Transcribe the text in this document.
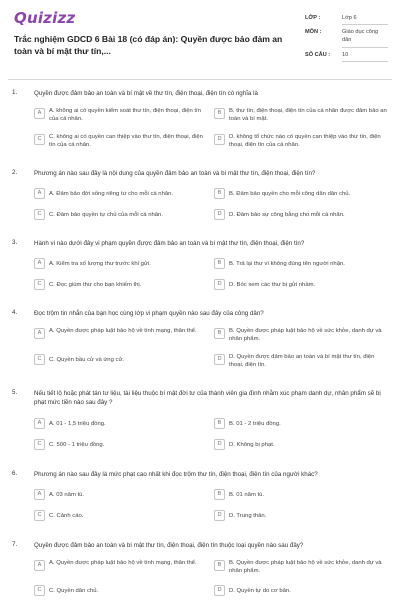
Quizizz
Trắc nghiệm GDCD 6 Bài 18 (có đáp án): Quyền được bảo đảm an toàn và bí mật thư tín,...
LỚP :	Lớp 6
MÔN :	Giáo dục công dân
SỐ CÂU : 10
1.	Quyền được đảm bảo an toàn và bí mật về thư tín, điện thoại, điện tín có nghĩa là
A	A. không ai có quyền kiểm soát thư tín, điện thoại, điện tín của cá nhân.
B	B. thư tín, điện thoại, điện tín của cá nhân được đảm bảo an toàn và bí mật.
C	C. không ai có quyền can thiệp vào thư tín, điện thoại, điện tín của cá nhân.
D	D. không tổ chức nào có quyền can thiệp vào thư tín, điện thoại, điện tín của cá nhân.
2.	Phương án nào sau đây là nội dung của quyền đảm bảo an toàn và bí mật thư tín, điện thoại, điện tín?
A	A. Đảm bảo đời sống riêng tư cho mỗi cá nhân.	B	B. Đảm bảo quyền cho mỗi công dân dân chủ.
C	C. Đảm bảo quyền tự chủ của mỗi cá nhân.	D	D. Đảm bảo sự công bằng cho mỗi cá nhân.
3.	Hành vi nào dưới đây vi phạm quyền được đảm bảo an toàn và bí mật thư tín, điện thoại, điện tín?
A	A. Kiểm tra số lượng thư trước khi gửi.	B	B. Trả lại thư vì không đúng tên người nhận.
C	C. Đọc giùm thư cho bạn khiếm thị.	D	D. Bóc xem các thư bị gửi nhầm.
4.	Đọc trộm tin nhắn của bạn học cùng lớp vi phạm quyền nào sau đây của công dân?
A	A. Quyền được pháp luật bảo hộ về tính mạng, thân thể.	B	B. Quyền được pháp luật bảo hộ về sức khỏe, danh dự và nhân phẩm.
C	C. Quyền bầu cử và ứng cử.	D	D. Quyền được đảm bảo an toàn và bí mật thư tín, điện thoại, điện tín.
5.	Nếu tiết lộ hoặc phát tán tư liệu, tài liệu thuộc bí mật đời tư của thành viên gia đình nhằm xúc phạm danh dự, nhân phẩm sẽ bị phạt mức tiền nào sau đây ?
A	A. 01 - 1,5 triệu đồng.	B	B. 01 - 2 triệu đồng.
C	C. 500 - 1 triệu đồng.	D	D. Không bị phạt.
6.	Phương án nào sau đây là mức phạt cao nhất khi đọc trộm thư tín, điện thoại, điện tín của người khác?
A	A. 03 năm tù.	B	B. 01 năm tù.
C	C. Cảnh cáo.	D	D. Trung thân.
7.	Quyền được đảm bảo an toàn và bí mật thư tín, điện thoại, điện tín thuộc loại quyền nào sau đây?
A	A. Quyền được pháp luật bảo hộ về tính mạng, thân thể.	B	B. Quyền được pháp luật bảo hộ về sức khỏe, danh dự và nhân phẩm.
C	C. Quyền dân chủ.	D	D. Quyền tự do cơ bản.
